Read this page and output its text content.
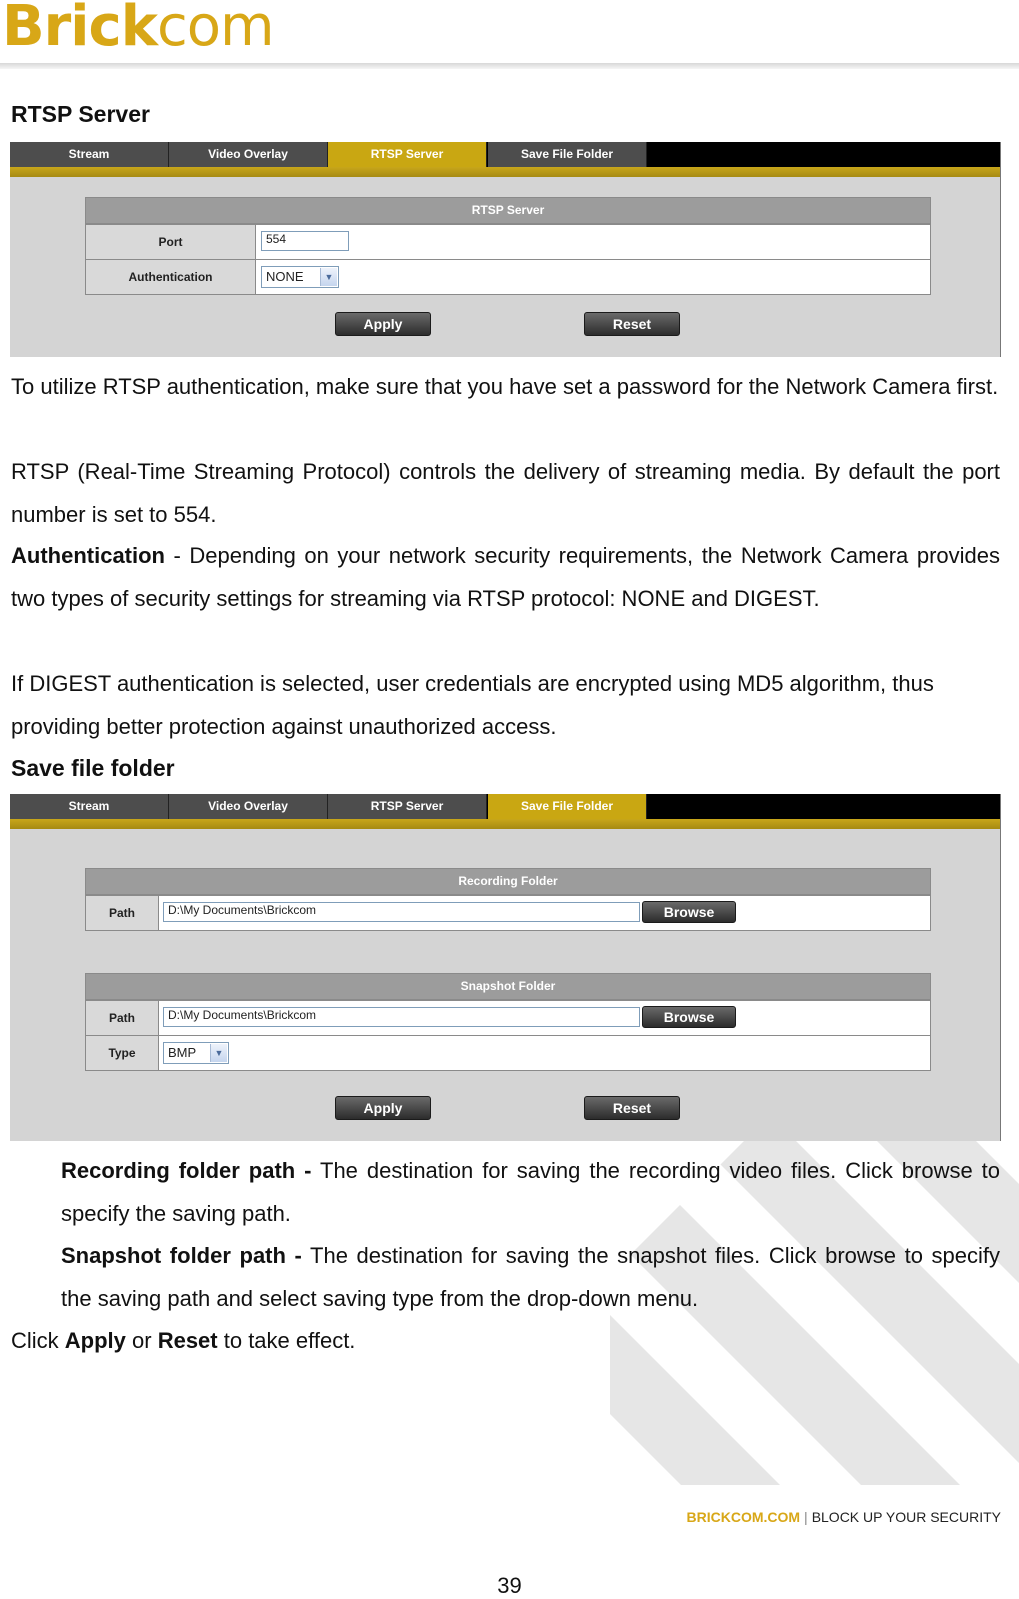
Brickcom
RTSP Server
Stream	Video Overlay	RTSP Server	Save File Folder
RTSP Server
Port	554
Authentication	NONE	▼
Apply	Reset
To utilize RTSP authentication, make sure that you have set a password for the Network Camera first.
RTSP (Real-Time Streaming Protocol) controls the delivery of streaming media. By default the port number is set to 554.
Authentication - Depending on your network security requirements, the Network Camera provides two types of security settings for streaming via RTSP protocol: NONE and DIGEST.
If DIGEST authentication is selected, user credentials are encrypted using MD5 algorithm, thus providing better protection against unauthorized access.
Save file folder
Stream	Video Overlay	RTSP Server	Save File Folder
Recording Folder
Path	D:\My Documents\Brickcom	Browse
Snapshot Folder
Path	D:\My Documents\Brickcom	Browse
Type	BMP	▼
Apply	Reset
Recording folder path - The destination for saving the recording video files. Click browse to specify the saving path.
Snapshot folder path - The destination for saving the snapshot files. Click browse to specify the saving path and select saving type from the drop-down menu.
Click Apply or Reset to take effect.
BRICKCOM.COM | BLOCK UP YOUR SECURITY
39
